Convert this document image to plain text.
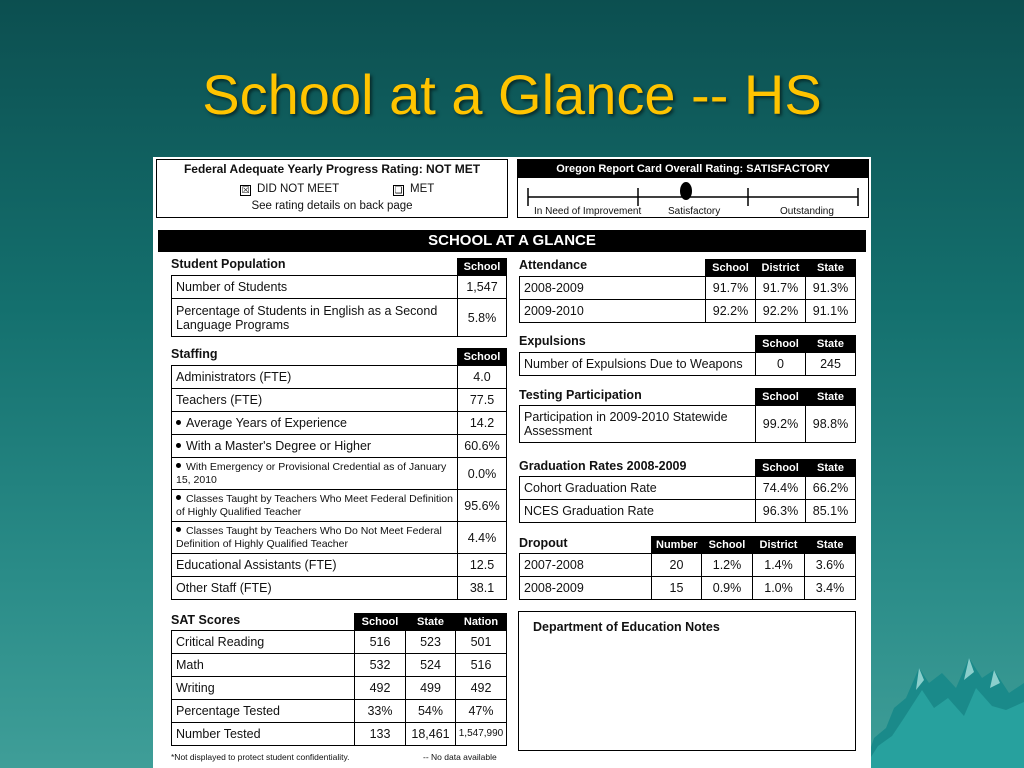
School at a Glance -- HS
Federal Adequate Yearly Progress Rating: NOT MET
☒ DID NOT MEET	❏ MET
See rating details on back page
Oregon Report Card Overall Rating: SATISFACTORY
In Need of Improvement	Satisfactory	Outstanding
SCHOOL AT A GLANCE
Student Population
		School
Number of Students	1,547
Percentage of Students in English as a Second Language Programs	5.8%
Staffing
		School
Administrators (FTE)	4.0
Teachers (FTE)	77.5
Average Years of Experience	14.2
With a Master's Degree or Higher	60.6%
With Emergency or Provisional Credential as of January 15, 2010	0.0%
Classes Taught by Teachers Who Meet Federal Definition of Highly Qualified Teacher	95.6%
Classes Taught by Teachers Who Do Not Meet Federal Definition of Highly Qualified Teacher	4.4%
Educational Assistants (FTE)	12.5
Other Staff (FTE)	38.1
SAT Scores
		School	State	Nation
Critical Reading	516	523	501
Math	532	524	516
Writing	492	499	492
Percentage Tested	33%	54%	47%
Number Tested	133	18,461	1,547,990
*Not displayed to protect student confidentiality.	-- No data available
Attendance
		School	District	State
2008-2009	91.7%	91.7%	91.3%
2009-2010	92.2%	92.2%	91.1%
Expulsions
		School	State
Number of Expulsions Due to Weapons	0	245
Testing Participation
		School	State
Participation in 2009-2010 Statewide Assessment	99.2%	98.8%
Graduation Rates 2008-2009
		School	State
Cohort Graduation Rate	74.4%	66.2%
NCES Graduation Rate	96.3%	85.1%
Dropout
		Number	School	District	State
2007-2008	20	1.2%	1.4%	3.6%
2008-2009	15	0.9%	1.0%	3.4%
Department of Education Notes
